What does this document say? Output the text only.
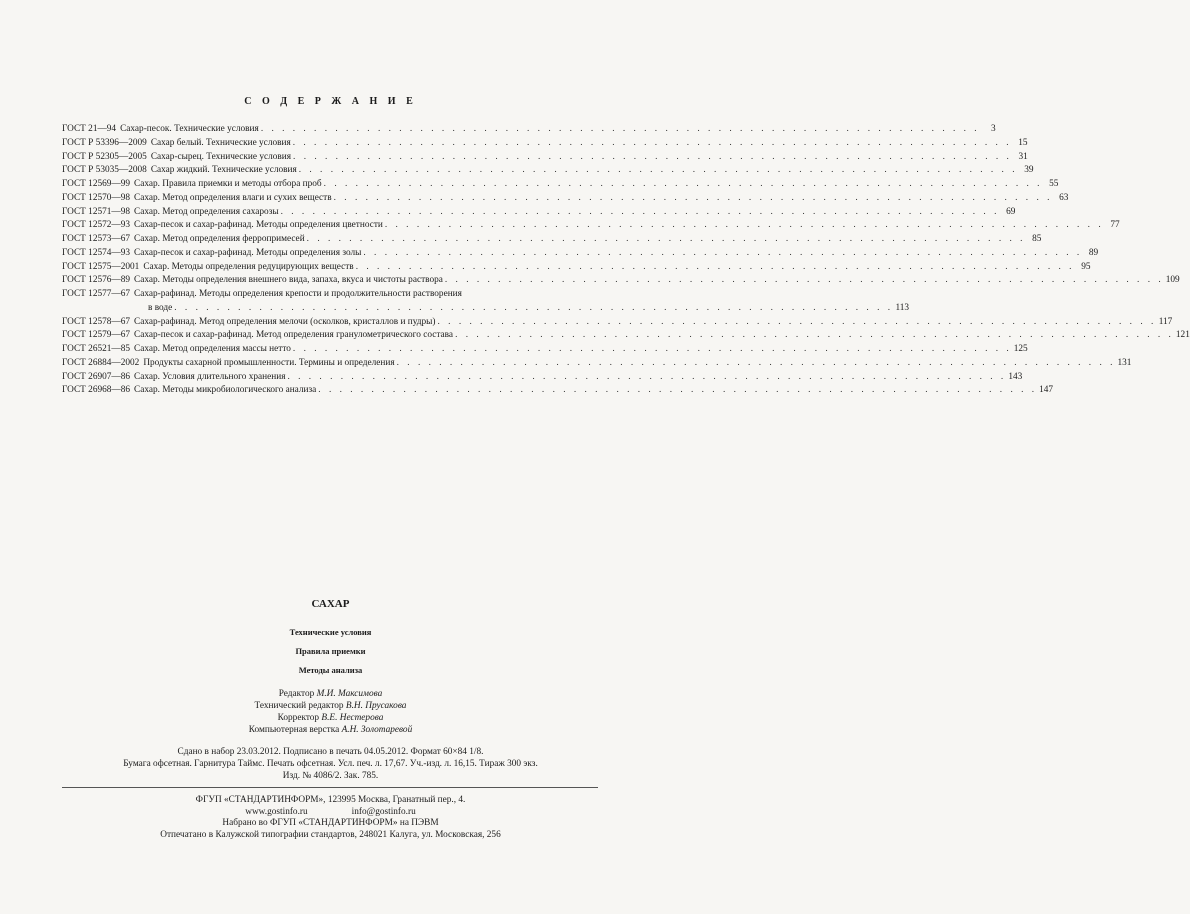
С О Д Е Р Ж А Н И Е
ГОСТ 21—94 Сахар-песок. Технические условия . . . . . . . . . . . . . . . . . . . . . . . . . . . . . . . . . . . . . . . . . . . . . . . . . . . . . . . . . . . . . . . . . . . .	3
ГОСТ Р 53396—2009 Сахар белый. Технические условия . . . . . . . . . . . . . . . . . . . . . . . . . . . . . . . . . . . . . . . . . . . . . . . . . . . . . . . . . . . . . . . . . . . . 15
ГОСТ Р 52305—2005 Сахар-сырец. Технические условия . . . . . . . . . . . . . . . . . . . . . . . . . . . . . . . . . . . . . . . . . . . . . . . . . . . . . . . . . . . . . . . . . . . . 31
ГОСТ Р 53035—2008 Сахар жидкий. Технические условия . . . . . . . . . . . . . . . . . . . . . . . . . . . . . . . . . . . . . . . . . . . . . . . . . . . . . . . . . . . . . . . . . . . . 39
ГОСТ 12569—99 Сахар. Правила приемки и методы отбора проб . . . . . . . . . . . . . . . . . . . . . . . . . . . . . . . . . . . . . . . . . . . . . . . . . . . . . . . . . . . . . . . . . . . . 55
ГОСТ 12570—98 Сахар. Метод определения влаги и сухих веществ . . . . . . . . . . . . . . . . . . . . . . . . . . . . . . . . . . . . . . . . . . . . . . . . . . . . . . . . . . . . . . . . . . . . 63
ГОСТ 12571—98 Сахар. Метод определения сахарозы . . . . . . . . . . . . . . . . . . . . . . . . . . . . . . . . . . . . . . . . . . . . . . . . . . . . . . . . . . . . . . . . . . . . 69
ГОСТ 12572—93 Сахар-песок и сахар-рафинад. Методы определения цветности . . . . . . . . . . . . . . . . . . . . . . . . . . . . . . . . . . . . . . . . . . . . . . . . . . . . . . . . . . . . . . . . . . . . 77
ГОСТ 12573—67 Сахар. Метод определения ферропримесей . . . . . . . . . . . . . . . . . . . . . . . . . . . . . . . . . . . . . . . . . . . . . . . . . . . . . . . . . . . . . . . . . . . . 85
ГОСТ 12574—93 Сахар-песок и сахар-рафинад. Методы определения золы . . . . . . . . . . . . . . . . . . . . . . . . . . . . . . . . . . . . . . . . . . . . . . . . . . . . . . . . . . . . . . . . . . . . 89
ГОСТ 12575—2001 Сахар. Методы определения редуцирующих веществ . . . . . . . . . . . . . . . . . . . . . . . . . . . . . . . . . . . . . . . . . . . . . . . . . . . . . . . . . . . . . . . . . . . . 95
ГОСТ 12576—89 Сахар. Методы определения внешнего вида, запаха, вкуса и чистоты раствора . . . . . . . . . . . . . . . . . . . . . . . . . . . . . . . . . . . . . . . . . . . . . . . . . . . . . . . . . . . . . . . . . . . . 109
ГОСТ 12577—67 Сахар-рафинад. Методы определения крепости и продолжительности растворения
в воде . . . . . . . . . . . . . . . . . . . . . . . . . . . . . . . . . . . . . . . . . . . . . . . . . . . . . . . . . . . . . . . . . . . . 113
ГОСТ 12578—67 Сахар-рафинад. Метод определения мелочи (осколков, кристаллов и пудры) . . . . . . . . . . . . . . . . . . . . . . . . . . . . . . . . . . . . . . . . . . . . . . . . . . . . . . . . . . . . . . . . . . . . 117
ГОСТ 12579—67 Сахар-песок и сахар-рафинад. Метод определения гранулометрического состава . . . . . . . . . . . . . . . . . . . . . . . . . . . . . . . . . . . . . . . . . . . . . . . . . . . . . . . . . . . . . . . . . . . . 121
ГОСТ 26521—85 Сахар. Метод определения массы нетто . . . . . . . . . . . . . . . . . . . . . . . . . . . . . . . . . . . . . . . . . . . . . . . . . . . . . . . . . . . . . . . . . . . . 125
ГОСТ 26884—2002 Продукты сахарной промышленности. Термины и определения . . . . . . . . . . . . . . . . . . . . . . . . . . . . . . . . . . . . . . . . . . . . . . . . . . . . . . . . . . . . . . . . . . . . 131
ГОСТ 26907—86 Сахар. Условия длительного хранения . . . . . . . . . . . . . . . . . . . . . . . . . . . . . . . . . . . . . . . . . . . . . . . . . . . . . . . . . . . . . . . . . . . . 143
ГОСТ 26968—86 Сахар. Методы микробиологического анализа . . . . . . . . . . . . . . . . . . . . . . . . . . . . . . . . . . . . . . . . . . . . . . . . . . . . . . . . . . . . . . . . . . . . 147
САХАР
Технические условия
Правила приемки
Методы анализа
Редактор М.И. Максимова
Технический редактор В.Н. Прусакова
Корректор В.Е. Нестерова
Компьютерная верстка А.Н. Золотаревой
Сдано в набор 23.03.2012. Подписано в печать 04.05.2012. Формат 60×84 1/8.
Бумага офсетная. Гарнитура Таймс. Печать офсетная. Усл. печ. л. 17,67. Уч.-изд. л. 16,15. Тираж 300 экз.
Изд. № 4086/2. Зак. 785.
ФГУП «СТАНДАРТИНФОРМ», 123995 Москва, Гранатный пер., 4.
www.gostinfo.ru	info@gostinfo.ru
Набрано во ФГУП «СТАНДАРТИНФОРМ» на ПЭВМ
Отпечатано в Калужской типографии стандартов, 248021 Калуга, ул. Московская, 256
